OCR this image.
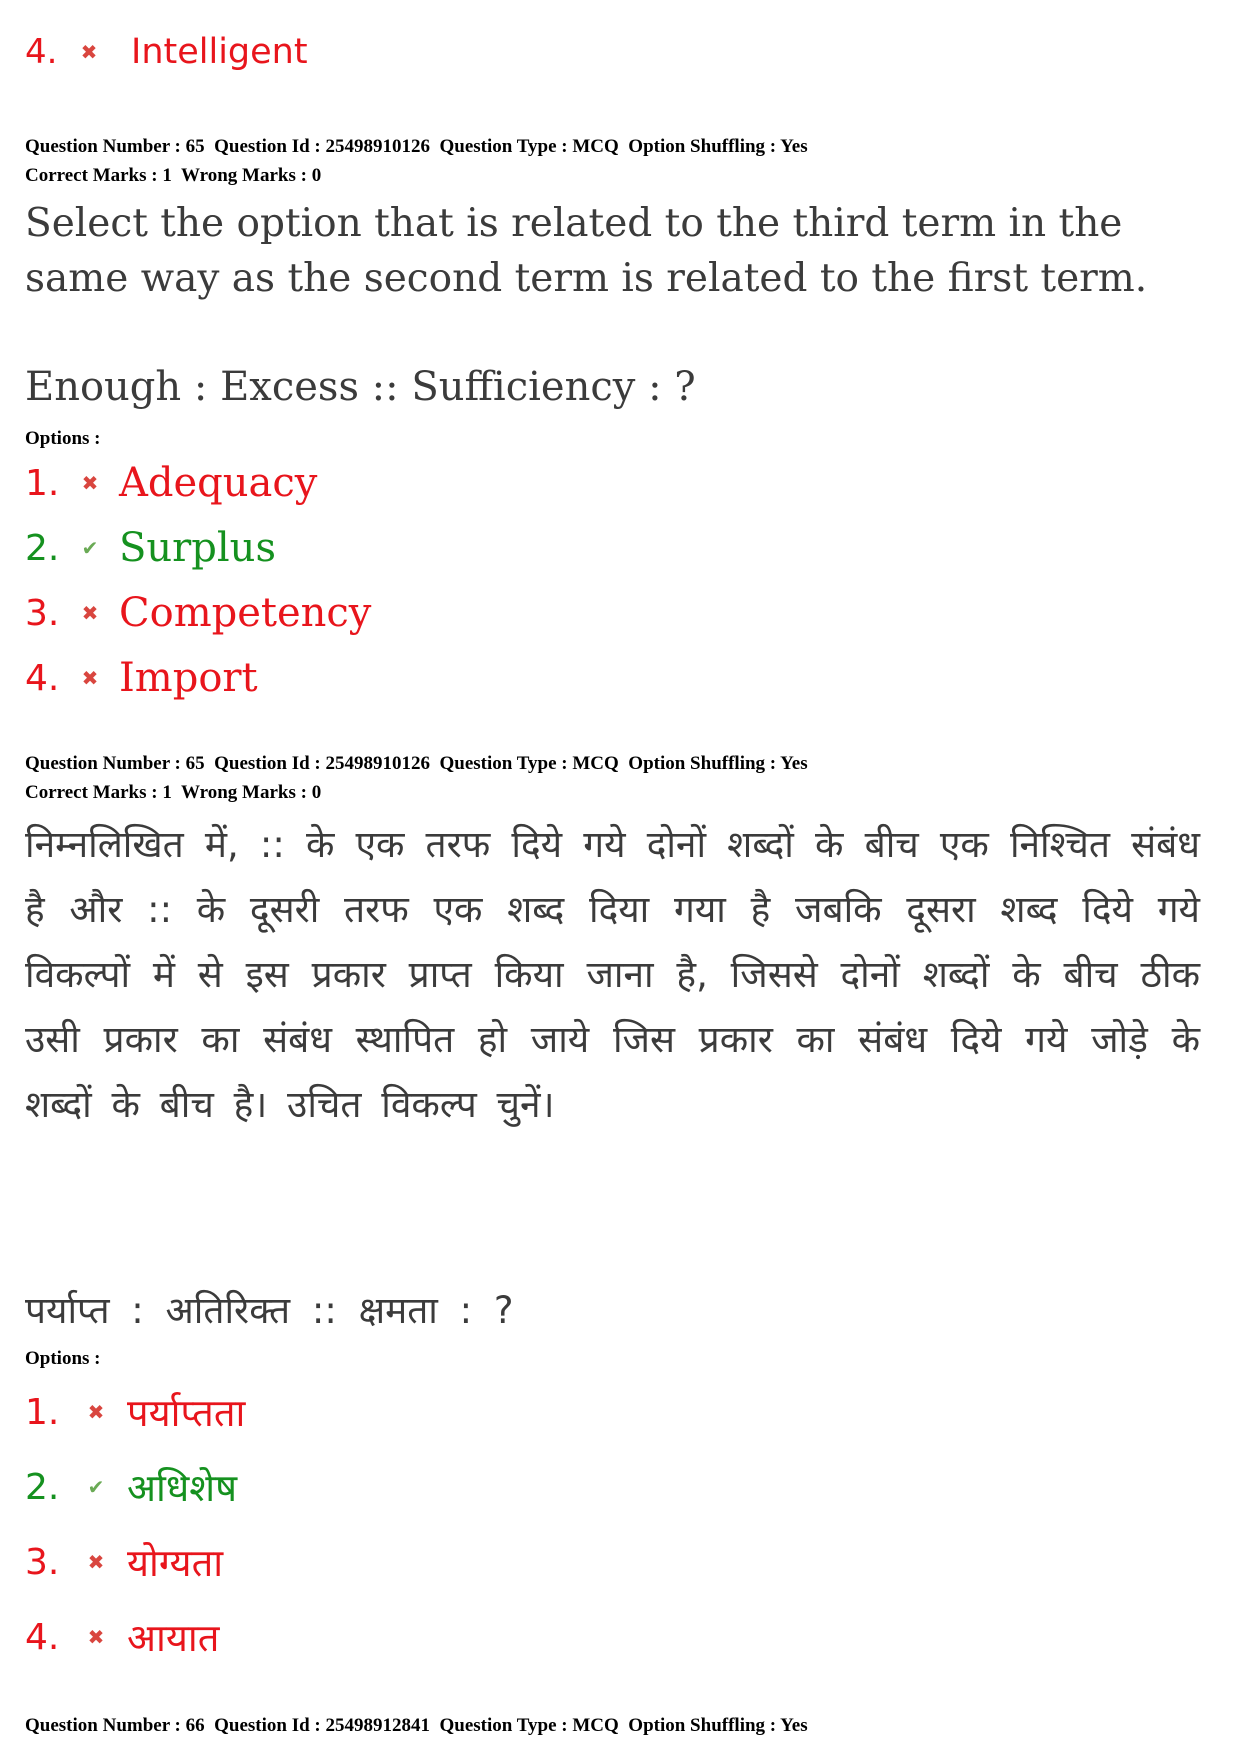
4.	✖ Intelligent
Question Number : 65  Question Id : 25498910126  Question Type : MCQ  Option Shuffling : Yes
Correct Marks : 1  Wrong Marks : 0
Select the option that is related to the third term in the same way as the second term is related to the first term.
Enough : Excess :: Sufficiency : ?
Options :
1.	✖ Adequacy
2.	✔ Surplus
3.	✖ Competency
4.	✖ Import
Question Number : 65  Question Id : 25498910126  Question Type : MCQ  Option Shuffling : Yes
Correct Marks : 1  Wrong Marks : 0
निम्नलिखित में, :: के एक तरफ दिये गये दोनों शब्दों के बीच एक निश्चित संबंध है और :: के दूसरी तरफ एक शब्द दिया गया है जबकि दूसरा शब्द दिये गये विकल्पों में से इस प्रकार प्राप्त किया जाना है, जिससे दोनों शब्दों के बीच ठीक उसी प्रकार का संबंध स्थापित हो जाये जिस प्रकार का संबंध दिये गये जोड़े के शब्दों के बीच है। उचित विकल्प चुनें।
पर्याप्त : अतिरिक्त :: क्षमता : ?
Options :
1.	✖ पर्याप्तता
2.	✔ अधिशेष
3.	✖ योग्यता
4.	✖ आयात
Question Number : 66  Question Id : 25498912841  Question Type : MCQ  Option Shuffling : Yes
